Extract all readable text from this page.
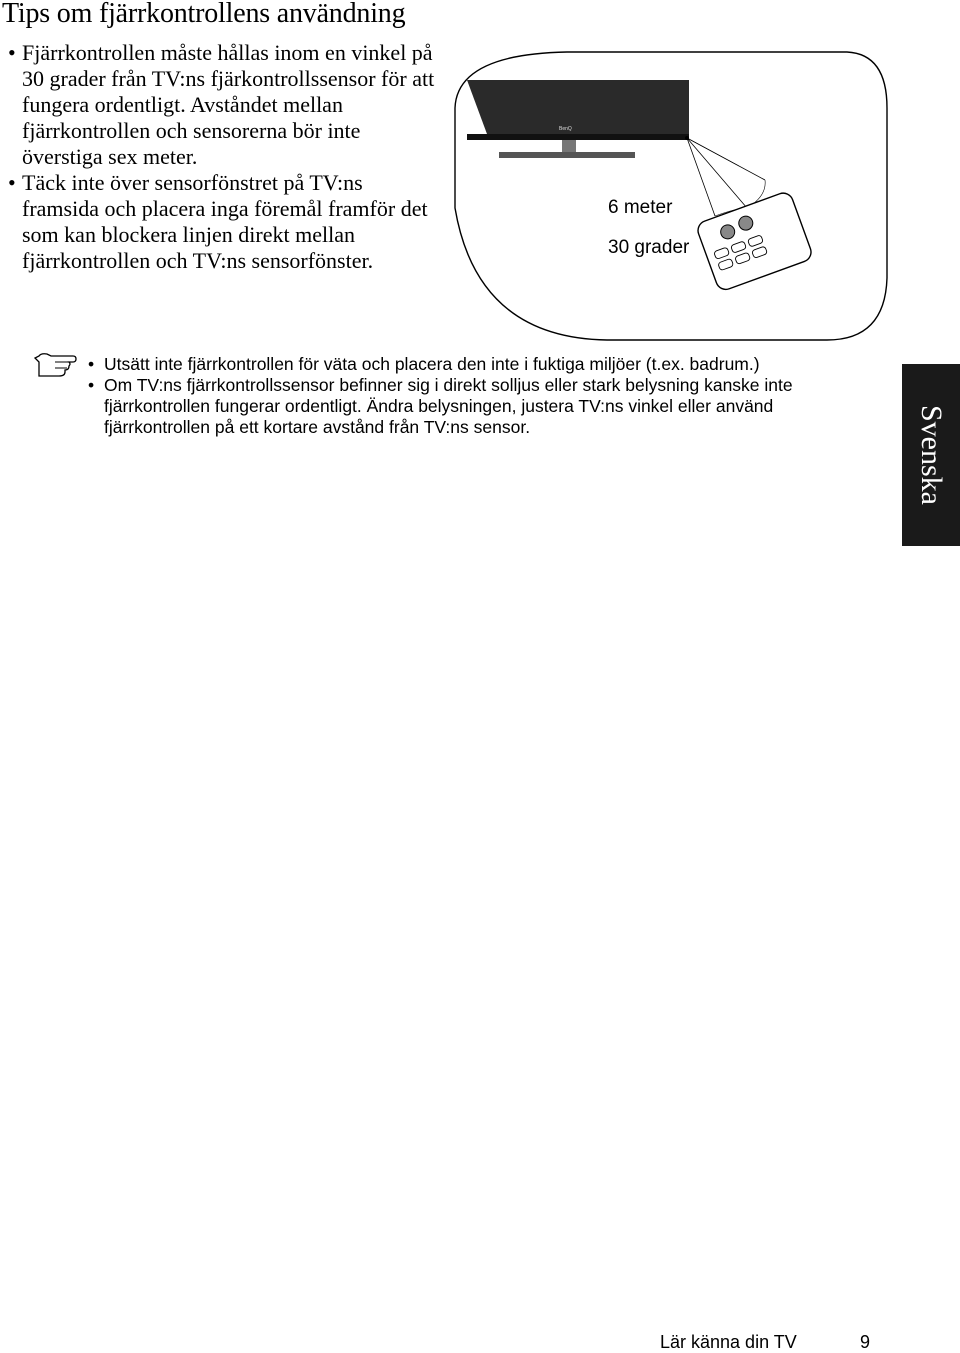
Tips om fjärrkontrollens användning
• Fjärrkontrollen måste hållas inom en vinkel på 30 grader från TV:ns fjärkontrollssensor för att fungera ordentligt. Avståndet mellan fjärrkontrollen och sensorerna bör inte överstiga sex meter.
• Täck inte över sensorfönstret på TV:ns framsida och placera inga föremål framför det som kan blockera linjen direkt mellan fjärrkontrollen och TV:ns sensorfönster.
BenQ
6 meter
30 grader
• Utsätt inte fjärrkontrollen för väta och placera den inte i fuktiga miljöer (t.ex. badrum.)
• Om TV:ns fjärrkontrollssensor befinner sig i direkt solljus eller stark belysning kanske inte fjärrkontrollen fungerar ordentligt. Ändra belysningen, justera TV:ns vinkel eller använd fjärrkontrollen på ett kortare avstånd från TV:ns sensor.	Svenska
Lär känna din TV	9
